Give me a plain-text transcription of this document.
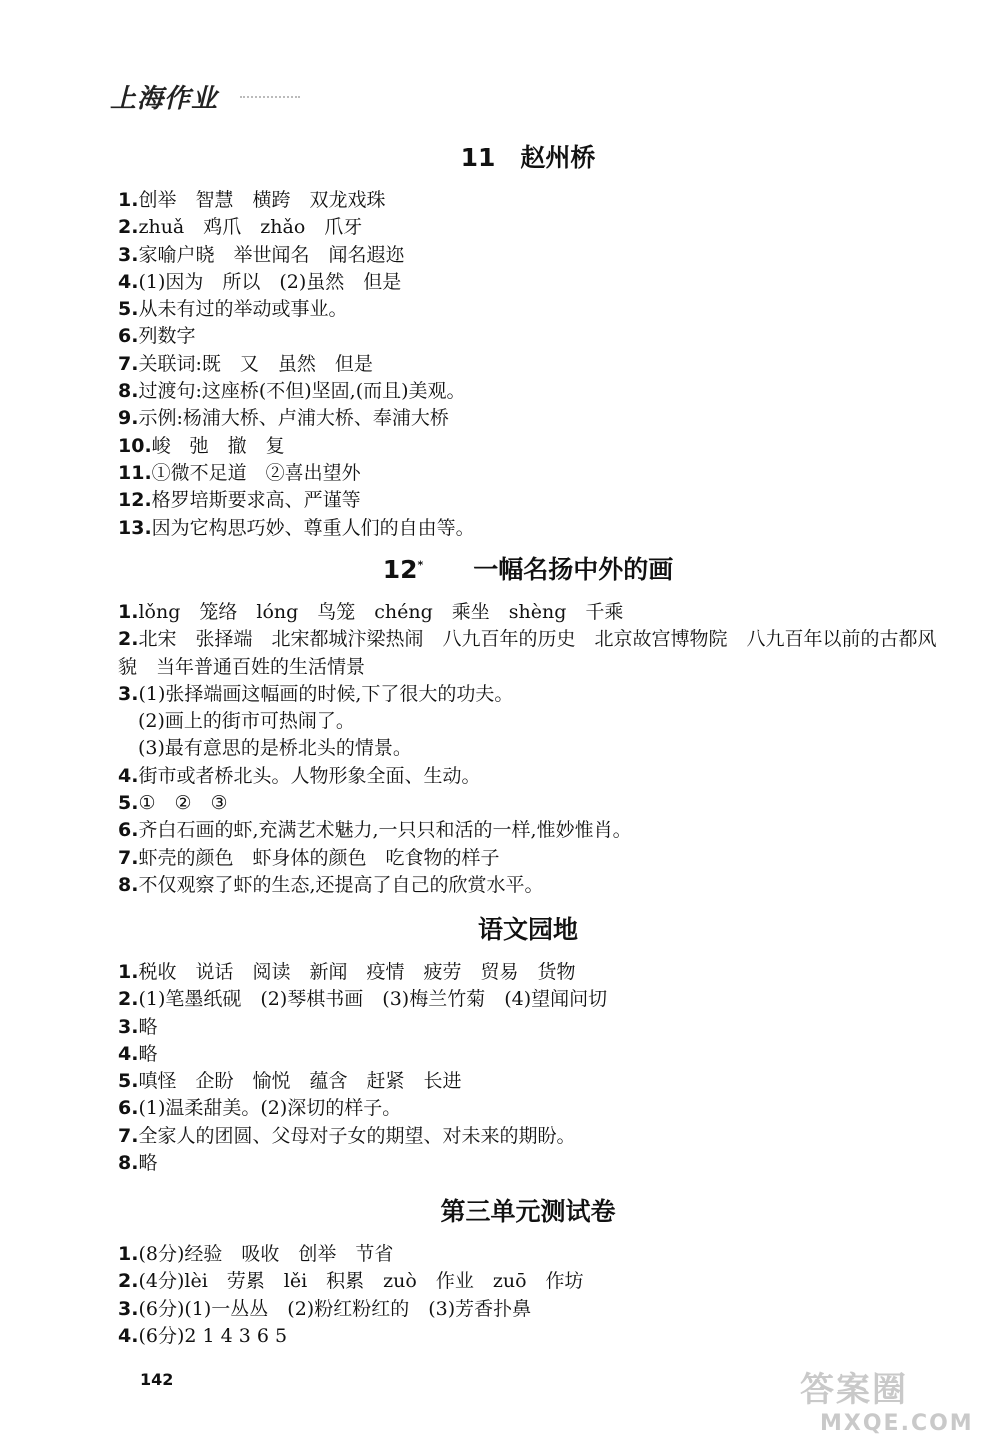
上海作业
11　赵州桥
1.创举　智慧　横跨　双龙戏珠
2.zhuǎ　鸡爪　zhǎo　爪牙
3.家喻户晓　举世闻名　闻名遐迩
4.(1)因为　所以　(2)虽然　但是
5.从未有过的举动或事业。
6.列数字
7.关联词:既　又　虽然　但是
8.过渡句:这座桥(不但)坚固,(而且)美观。
9.示例:杨浦大桥、卢浦大桥、奉浦大桥
10.峻　弛　撤　复
11.①微不足道　②喜出望外
12.格罗培斯要求高、严谨等
13.因为它构思巧妙、尊重人们的自由等。
12*　　 一幅名扬中外的画
1.lǒng　笼络　lóng　鸟笼　chéng　乘坐　shèng　千乘
2.北宋　张择端　北宋都城汴梁热闹　八九百年的历史　北京故宫博物院　八九百年以前的古都风貌　当年普通百姓的生活情景
3.(1)张择端画这幅画的时候,下了很大的功夫。
(2)画上的街市可热闹了。
(3)最有意思的是桥北头的情景。
4.街市或者桥北头。人物形象全面、生动。
5.①　②　③
6.齐白石画的虾,充满艺术魅力,一只只和活的一样,惟妙惟肖。
7.虾壳的颜色　虾身体的颜色　吃食物的样子
8.不仅观察了虾的生态,还提高了自己的欣赏水平。
语文园地
1.税收　说话　阅读　新闻　疫情　疲劳　贸易　货物
2.(1)笔墨纸砚　(2)琴棋书画　(3)梅兰竹菊　(4)望闻问切
3.略
4.略
5.嗔怪　企盼　愉悦　蕴含　赶紧　长进
6.(1)温柔甜美。(2)深切的样子。
7.全家人的团圆、父母对子女的期望、对未来的期盼。
8.略
第三单元测试卷
1.(8分)经验　吸收　创举　节省
2.(4分)lèi　劳累　lěi　积累　zuò　作业　zuō　作坊
3.(6分)(1)一丛丛　(2)粉红粉红的　(3)芳香扑鼻
4.(6分)2 1 4 3 6 5
142	答案圈
MXQE.COM
